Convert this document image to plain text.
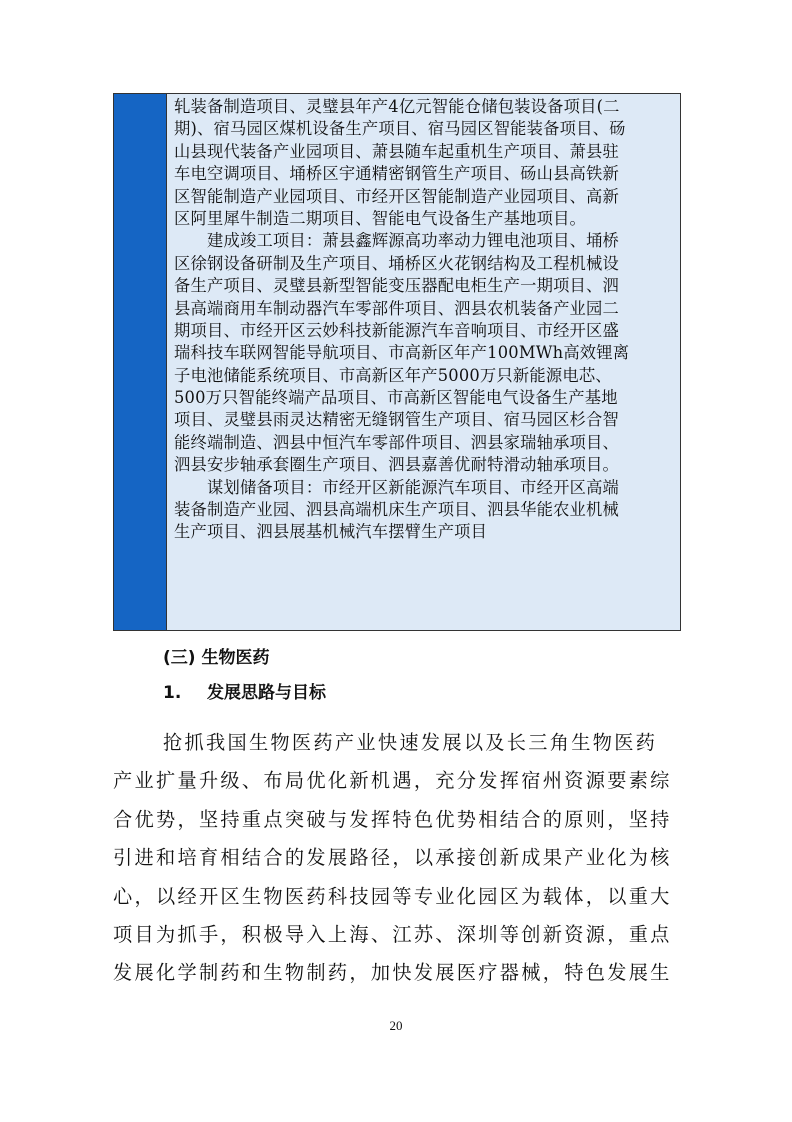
轧装备制造项目、灵璧县年产4亿元智能仓储包装设备项目(二
期)、宿马园区煤机设备生产项目、宿马园区智能装备项目、砀
山县现代装备产业园项目、萧县随车起重机生产项目、萧县驻
车电空调项目、埇桥区宇通精密钢管生产项目、砀山县高铁新
区智能制造产业园项目、市经开区智能制造产业园项目、高新
区阿里犀牛制造二期项目、智能电气设备生产基地项目。
建成竣工项目：萧县鑫辉源高功率动力锂电池项目、埇桥
区徐钢设备研制及生产项目、埇桥区火花钢结构及工程机械设
备生产项目、灵璧县新型智能变压器配电柜生产一期项目、泗
县高端商用车制动器汽车零部件项目、泗县农机装备产业园二
期项目、市经开区云妙科技新能源汽车音响项目、市经开区盛
瑞科技车联网智能导航项目、市高新区年产100MWh高效锂离
子电池储能系统项目、市高新区年产5000万只新能源电芯、
500万只智能终端产品项目、市高新区智能电气设备生产基地
项目、灵璧县雨灵达精密无缝钢管生产项目、宿马园区杉合智
能终端制造、泗县中恒汽车零部件项目、泗县家瑞轴承项目、
泗县安步轴承套圈生产项目、泗县嘉善优耐特滑动轴承项目。
谋划储备项目：市经开区新能源汽车项目、市经开区高端
装备制造产业园、泗县高端机床生产项目、泗县华能农业机械
生产项目、泗县展基机械汽车摆臂生产项目
(三) 生物医药
1. 发展思路与目标
抢抓我国生物医药产业快速发展以及长三角生物医药
产业扩量升级、布局优化新机遇，充分发挥宿州资源要素综
合优势，坚持重点突破与发挥特色优势相结合的原则，坚持
引进和培育相结合的发展路径，以承接创新成果产业化为核
心，以经开区生物医药科技园等专业化园区为载体，以重大
项目为抓手，积极导入上海、江苏、深圳等创新资源，重点
发展化学制药和生物制药，加快发展医疗器械，特色发展生
20
